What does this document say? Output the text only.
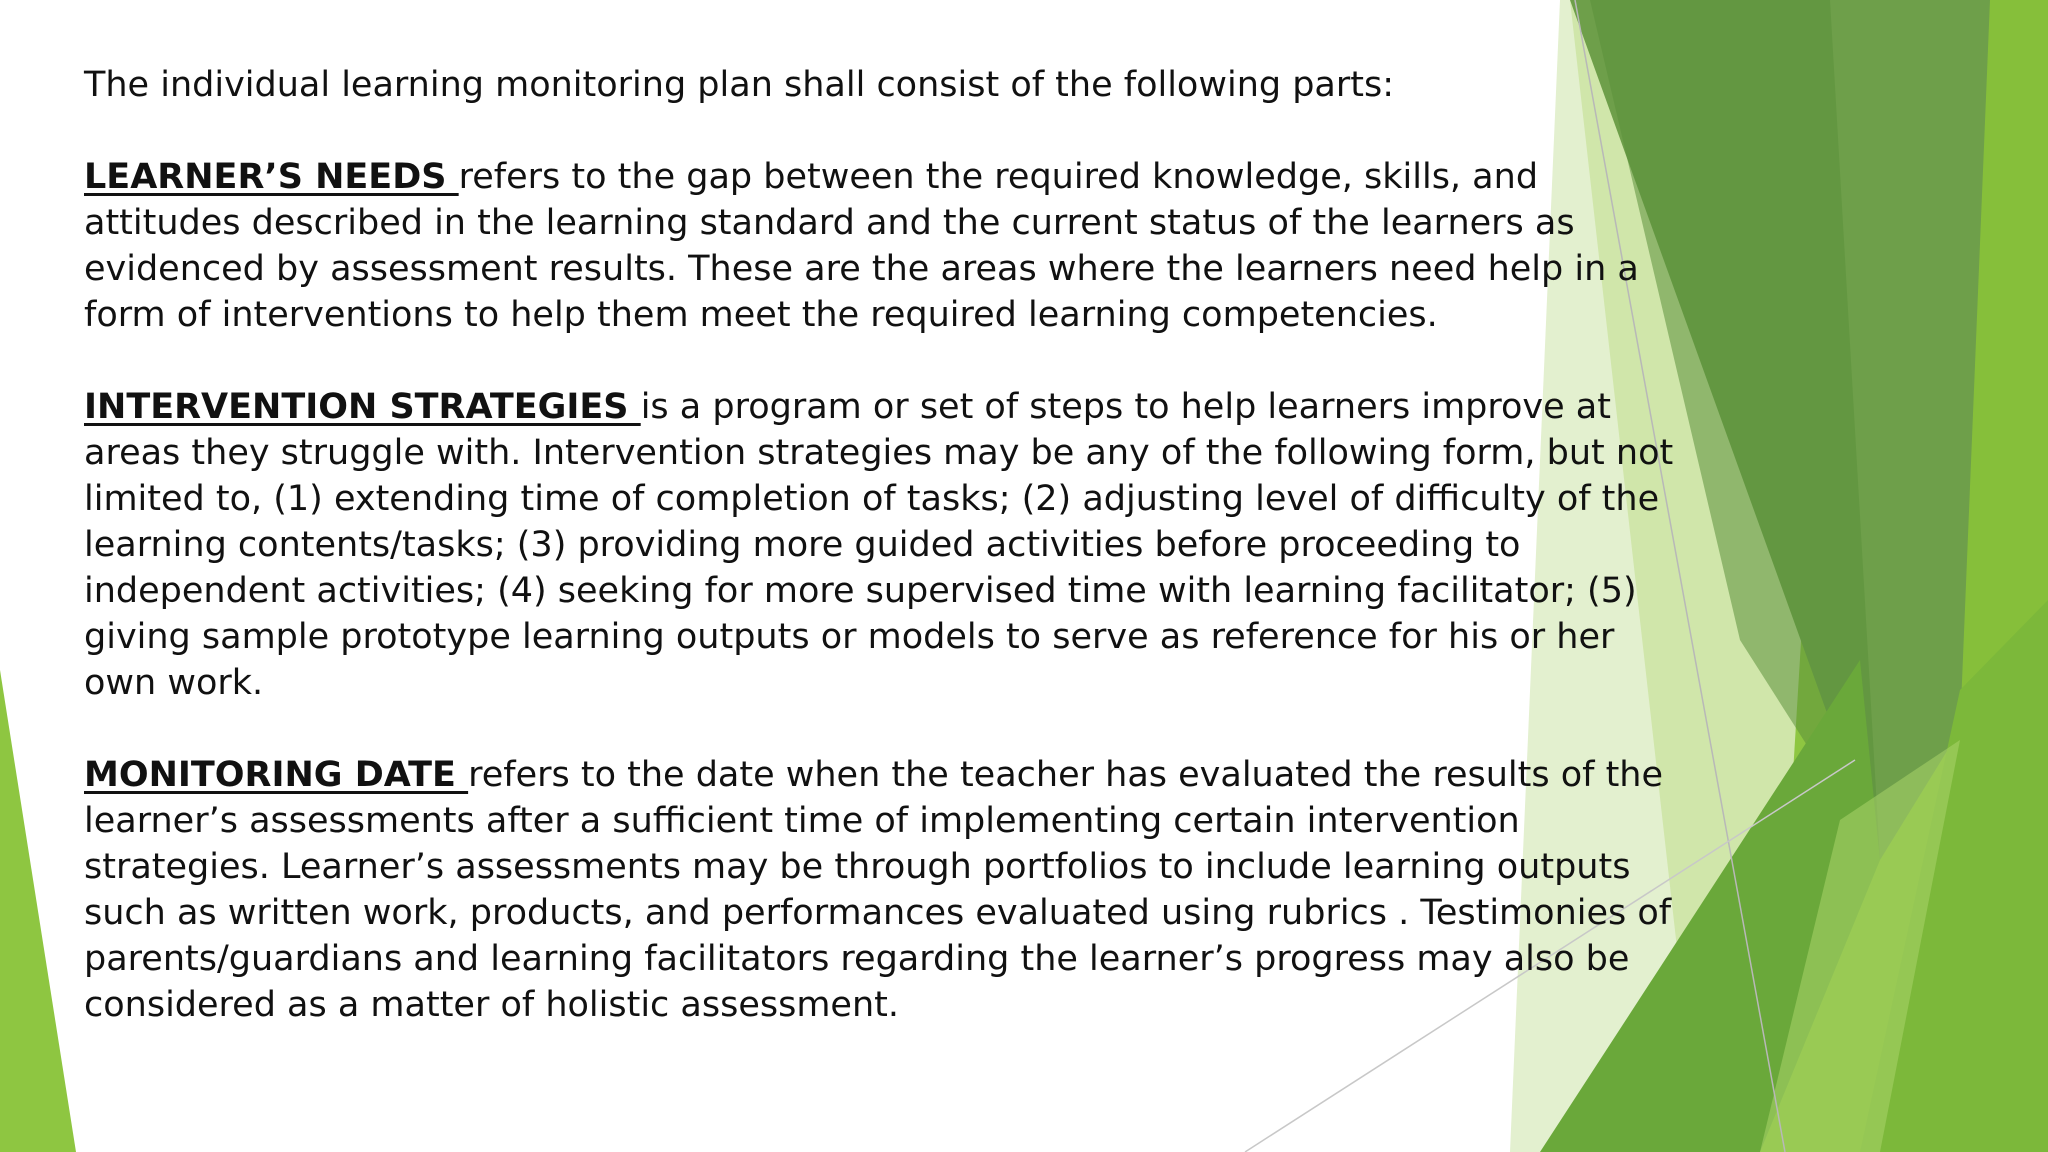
The individual learning monitoring plan shall consist of the following parts:

LEARNER’S NEEDS refers to the gap between the required knowledge, skills, and attitudes described in the learning standard and the current status of the learners as evidenced by assessment results. These are the areas where the learners need help in a form of interventions to help them meet the required learning competencies.

INTERVENTION STRATEGIES is a program or set of steps to help learners improve at areas they struggle with. Intervention strategies may be any of the following form, but not limited to, (1) extending time of completion of tasks; (2) adjusting level of difficulty of the learning contents/tasks; (3) providing more guided activities before proceeding to independent activities; (4) seeking for more supervised time with learning facilitator; (5) giving sample prototype learning outputs or models to serve as reference for his or her own work.

MONITORING DATE refers to the date when the teacher has evaluated the results of the learner’s assessments after a sufficient time of implementing certain intervention strategies. Learner’s assessments may be through portfolios to include learning outputs such as written work, products, and performances evaluated using rubrics . Testimonies of parents/guardians and learning facilitators regarding the learner’s progress may also be considered as a matter of holistic assessment.
